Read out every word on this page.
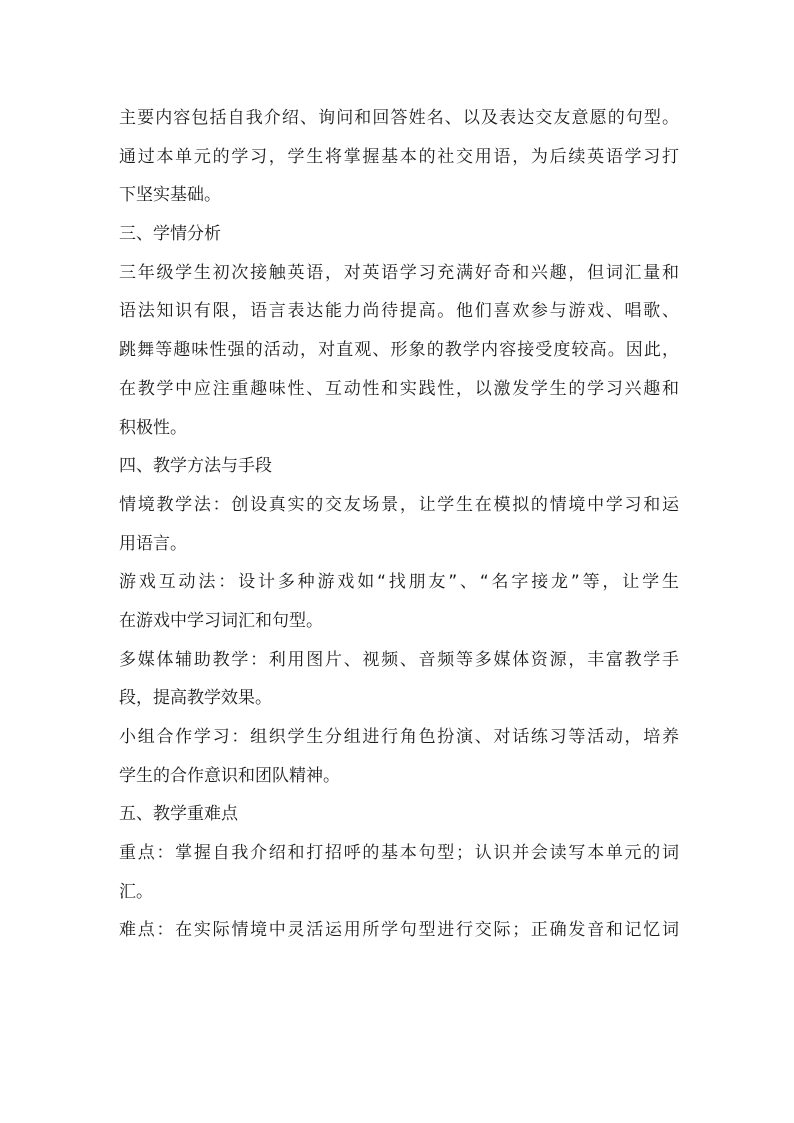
主要内容包括自我介绍、询问和回答姓名、以及表达交友意愿的句型。
通过本单元的学习，学生将掌握基本的社交用语，为后续英语学习打
下坚实基础。
三、学情分析
三年级学生初次接触英语，对英语学习充满好奇和兴趣，但词汇量和
语法知识有限，语言表达能力尚待提高。他们喜欢参与游戏、唱歌、
跳舞等趣味性强的活动，对直观、形象的教学内容接受度较高。因此，
在教学中应注重趣味性、互动性和实践性，以激发学生的学习兴趣和
积极性。
四、教学方法与手段
情境教学法：创设真实的交友场景，让学生在模拟的情境中学习和运
用语言。
游戏互动法：设计多种游戏如“找朋友”、“名字接龙”等，让学生
在游戏中学习词汇和句型。
多媒体辅助教学：利用图片、视频、音频等多媒体资源，丰富教学手
段，提高教学效果。
小组合作学习：组织学生分组进行角色扮演、对话练习等活动，培养
学生的合作意识和团队精神。
五、教学重难点
重点：掌握自我介绍和打招呼的基本句型；认识并会读写本单元的词
汇。
难点：在实际情境中灵活运用所学句型进行交际；正确发音和记忆词
